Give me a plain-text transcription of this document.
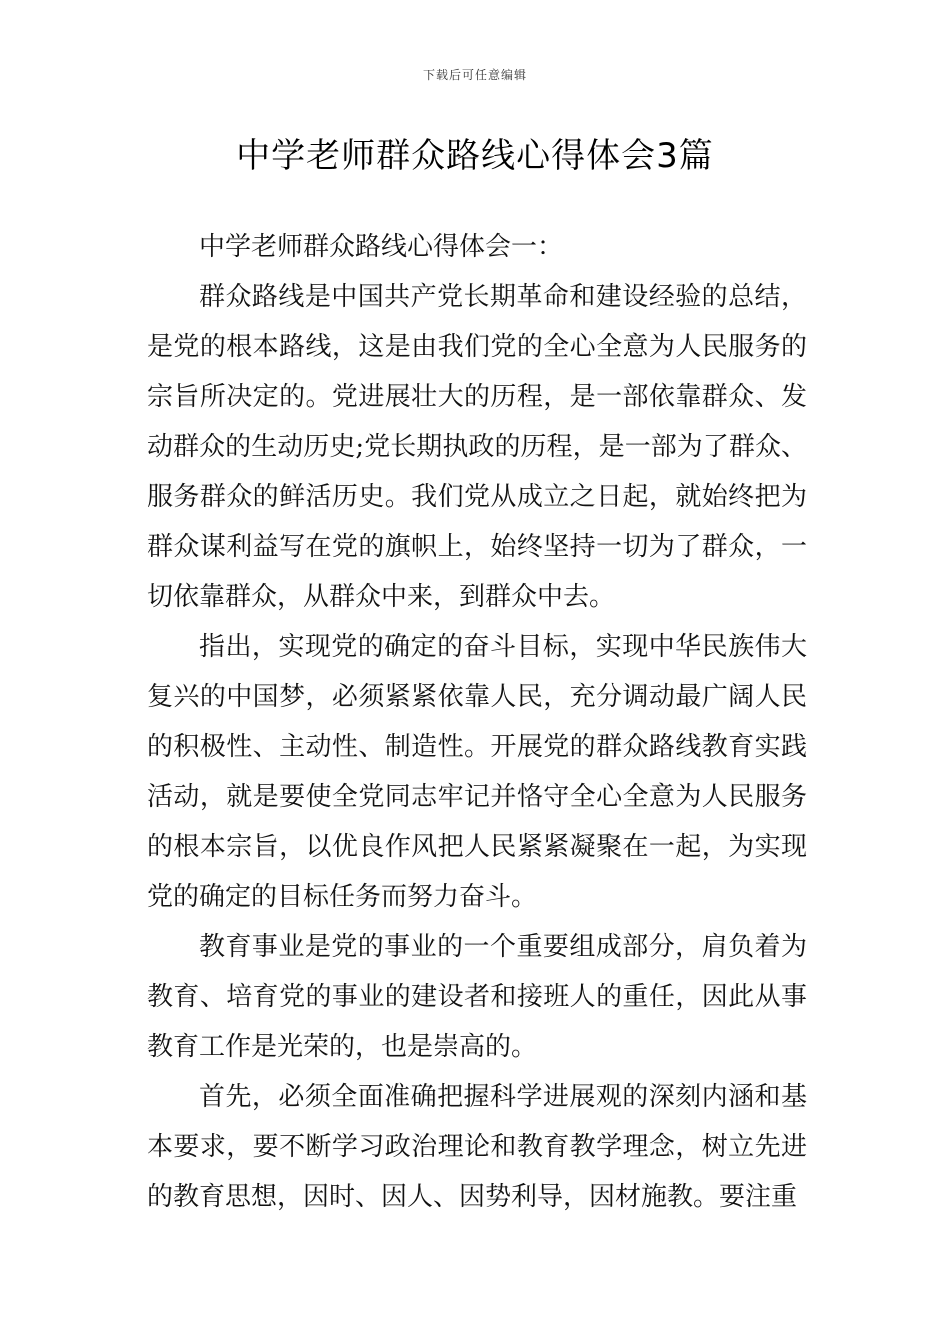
下载后可任意编辑
中学老师群众路线心得体会3篇

中学老师群众路线心得体会一：

群众路线是中国共产党长期革命和建设经验的总结，是党的根本路线，这是由我们党的全心全意为人民服务的宗旨所决定的。党进展壮大的历程，是一部依靠群众、发动群众的生动历史;党长期执政的历程，是一部为了群众、服务群众的鲜活历史。我们党从成立之日起，就始终把为群众谋利益写在党的旗帜上，始终坚持一切为了群众，一切依靠群众，从群众中来，到群众中去。

指出，实现党的确定的奋斗目标，实现中华民族伟大复兴的中国梦，必须紧紧依靠人民，充分调动最广阔人民的积极性、主动性、制造性。开展党的群众路线教育实践活动，就是要使全党同志牢记并恪守全心全意为人民服务的根本宗旨，以优良作风把人民紧紧凝聚在一起，为实现党的确定的目标任务而努力奋斗。

教育事业是党的事业的一个重要组成部分，肩负着为教育、培育党的事业的建设者和接班人的重任，因此从事教育工作是光荣的，也是崇高的。

首先，必须全面准确把握科学进展观的深刻内涵和基本要求，要不断学习政治理论和教育教学理念，树立先进的教育思想，因时、因人、因势利导，因材施教。要注重
